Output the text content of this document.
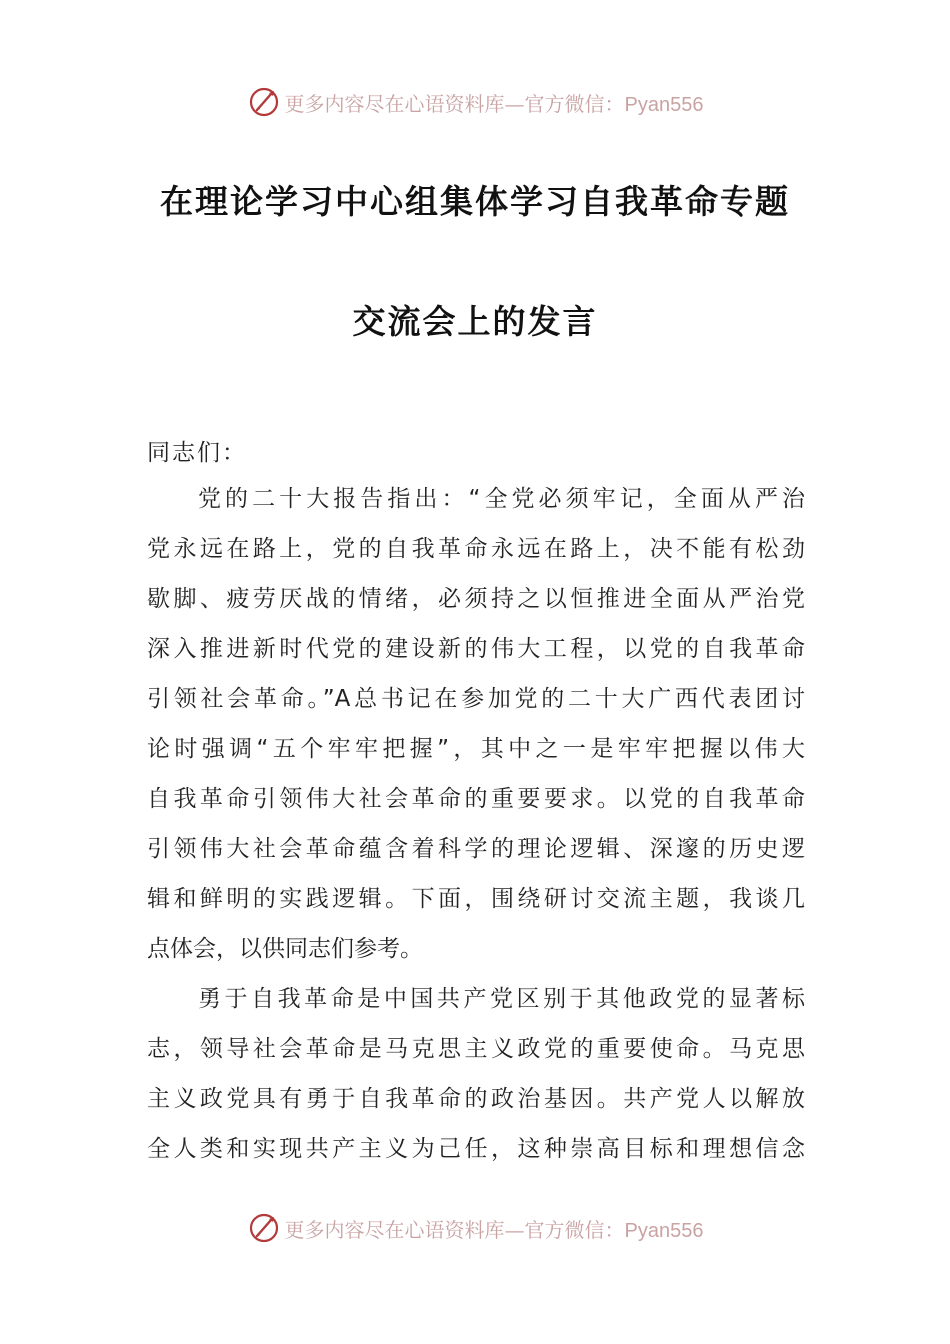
更多内容尽在心语资料库—官方微信：Pyan556
在理论学习中心组集体学习自我革命专题
交流会上的发言
同志们：
党的二十大报告指出：“全党必须牢记，全面从严治
党永远在路上，党的自我革命永远在路上，决不能有松劲
歇脚、疲劳厌战的情绪，必须持之以恒推进全面从严治党
深入推进新时代党的建设新的伟大工程，以党的自我革命
引领社会革命。”A总书记在参加党的二十大广西代表团讨
论时强调“五个牢牢把握”，其中之一是牢牢把握以伟大
自我革命引领伟大社会革命的重要要求。以党的自我革命
引领伟大社会革命蕴含着科学的理论逻辑、深邃的历史逻
辑和鲜明的实践逻辑。下面，围绕研讨交流主题，我谈几
点体会，以供同志们参考。
勇于自我革命是中国共产党区别于其他政党的显著标
志，领导社会革命是马克思主义政党的重要使命。马克思
主义政党具有勇于自我革命的政治基因。共产党人以解放
全人类和实现共产主义为己任，这种崇高目标和理想信念
更多内容尽在心语资料库—官方微信：Pyan556
